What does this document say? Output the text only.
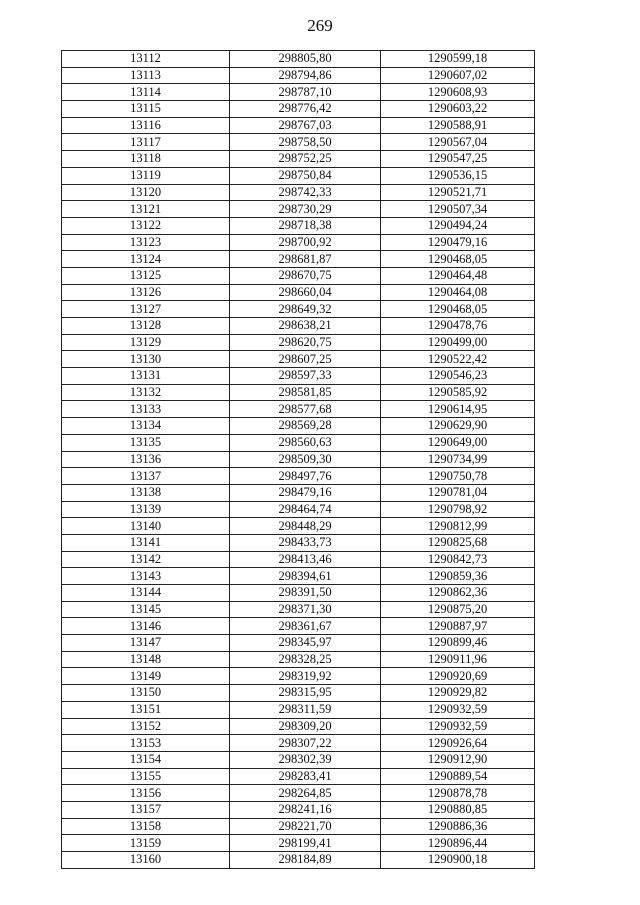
269
13112	298805,80	1290599,18
13113	298794,86	1290607,02
13114	298787,10	1290608,93
13115	298776,42	1290603,22
13116	298767,03	1290588,91
13117	298758,50	1290567,04
13118	298752,25	1290547,25
13119	298750,84	1290536,15
13120	298742,33	1290521,71
13121	298730,29	1290507,34
13122	298718,38	1290494,24
13123	298700,92	1290479,16
13124	298681,87	1290468,05
13125	298670,75	1290464,48
13126	298660,04	1290464,08
13127	298649,32	1290468,05
13128	298638,21	1290478,76
13129	298620,75	1290499,00
13130	298607,25	1290522,42
13131	298597,33	1290546,23
13132	298581,85	1290585,92
13133	298577,68	1290614,95
13134	298569,28	1290629,90
13135	298560,63	1290649,00
13136	298509,30	1290734,99
13137	298497,76	1290750,78
13138	298479,16	1290781,04
13139	298464,74	1290798,92
13140	298448,29	1290812,99
13141	298433,73	1290825,68
13142	298413,46	1290842,73
13143	298394,61	1290859,36
13144	298391,50	1290862,36
13145	298371,30	1290875,20
13146	298361,67	1290887,97
13147	298345,97	1290899,46
13148	298328,25	1290911,96
13149	298319,92	1290920,69
13150	298315,95	1290929,82
13151	298311,59	1290932,59
13152	298309,20	1290932,59
13153	298307,22	1290926,64
13154	298302,39	1290912,90
13155	298283,41	1290889,54
13156	298264,85	1290878,78
13157	298241,16	1290880,85
13158	298221,70	1290886,36
13159	298199,41	1290896,44
13160	298184,89	1290900,18
